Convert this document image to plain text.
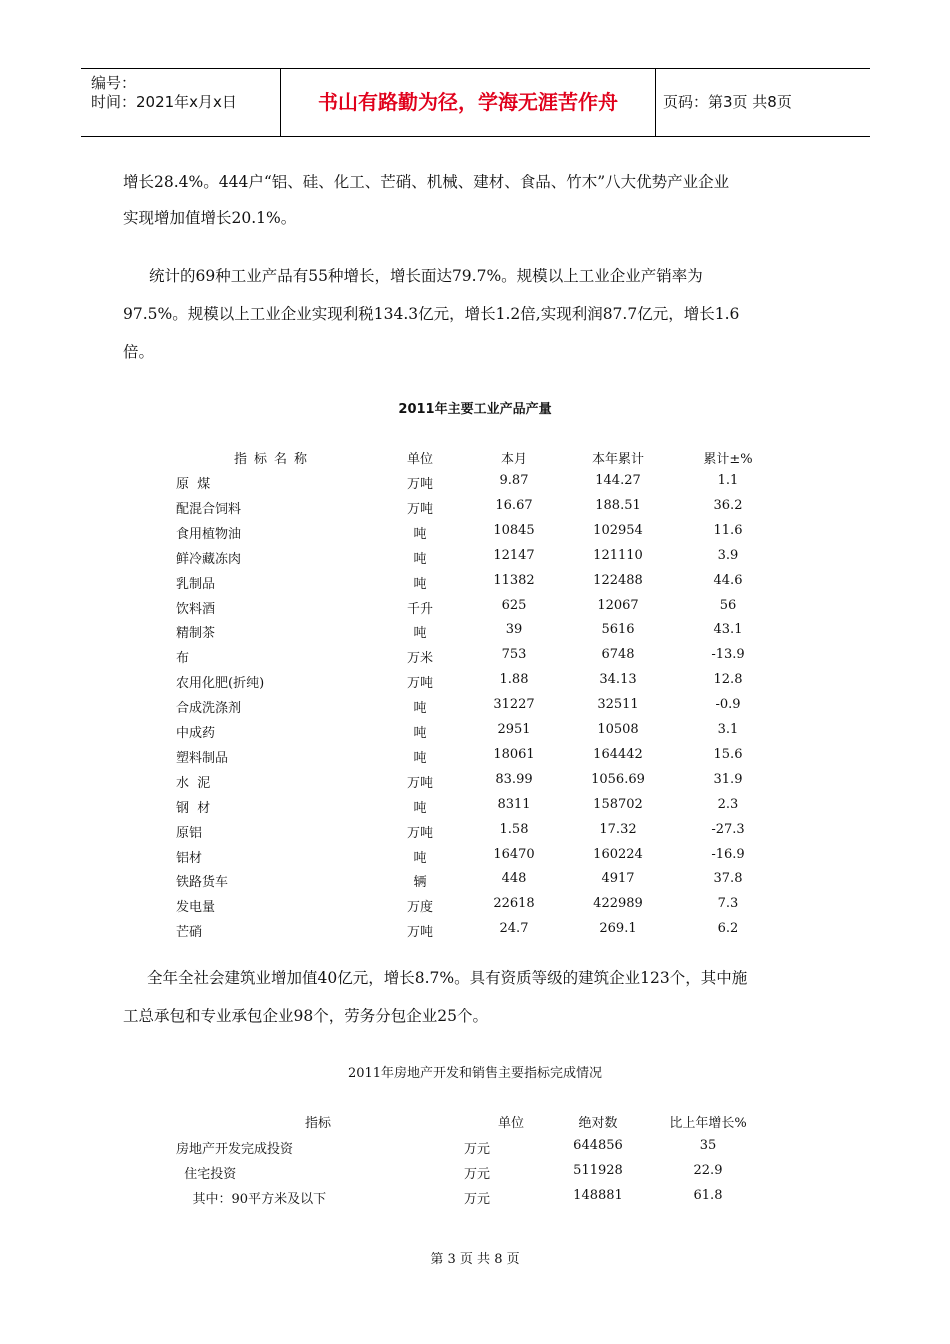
编号：
时间：2021年x月x日	书山有路勤为径，学海无涯苦作舟	页码：第3页 共8页
增长28.4%。444户“铝、硅、化工、芒硝、机械、建材、食品、竹木”八大优势产业企业
实现增加值增长20.1%。
统计的69种工业产品有55种增长，增长面达79.7%。规模以上工业企业产销率为
97.5%。规模以上工业企业实现利税134.3亿元，增长1.2倍,实现利润87.7亿元，增长1.6
倍。
2011年主要工业产品产量
指标名称	单位	本月	本年累计	累计±%
原  煤	万吨	9.87	144.27	1.1
配混合饲料	万吨	16.67	188.51	36.2
食用植物油	吨	10845	102954	11.6
鲜冷藏冻肉	吨	12147	121110	3.9
乳制品	吨	11382	122488	44.6
饮料酒	千升	625	12067	56
精制茶	吨	39	5616	43.1
布	万米	753	6748	-13.9
农用化肥(折纯)	万吨	1.88	34.13	12.8
合成洗涤剂	吨	31227	32511	-0.9
中成药	吨	2951	10508	3.1
塑料制品	吨	18061	164442	15.6
水  泥	万吨	83.99	1056.69	31.9
钢  材	吨	8311	158702	2.3
原铝	万吨	1.58	17.32	-27.3
铝材	吨	16470	160224	-16.9
铁路货车	辆	448	4917	37.8
发电量	万度	22618	422989	7.3
芒硝	万吨	24.7	269.1	6.2
全年全社会建筑业增加值40亿元，增长8.7%。具有资质等级的建筑企业123个，其中施
工总承包和专业承包企业98个，劳务分包企业25个。
2011年房地产开发和销售主要指标完成情况
指标	单位	绝对数	比上年增长%
房地产开发完成投资	万元	644856	35
住宅投资	万元	511928	22.9
其中：90平方米及以下	万元	148881	61.8
第 3 页 共 8 页
